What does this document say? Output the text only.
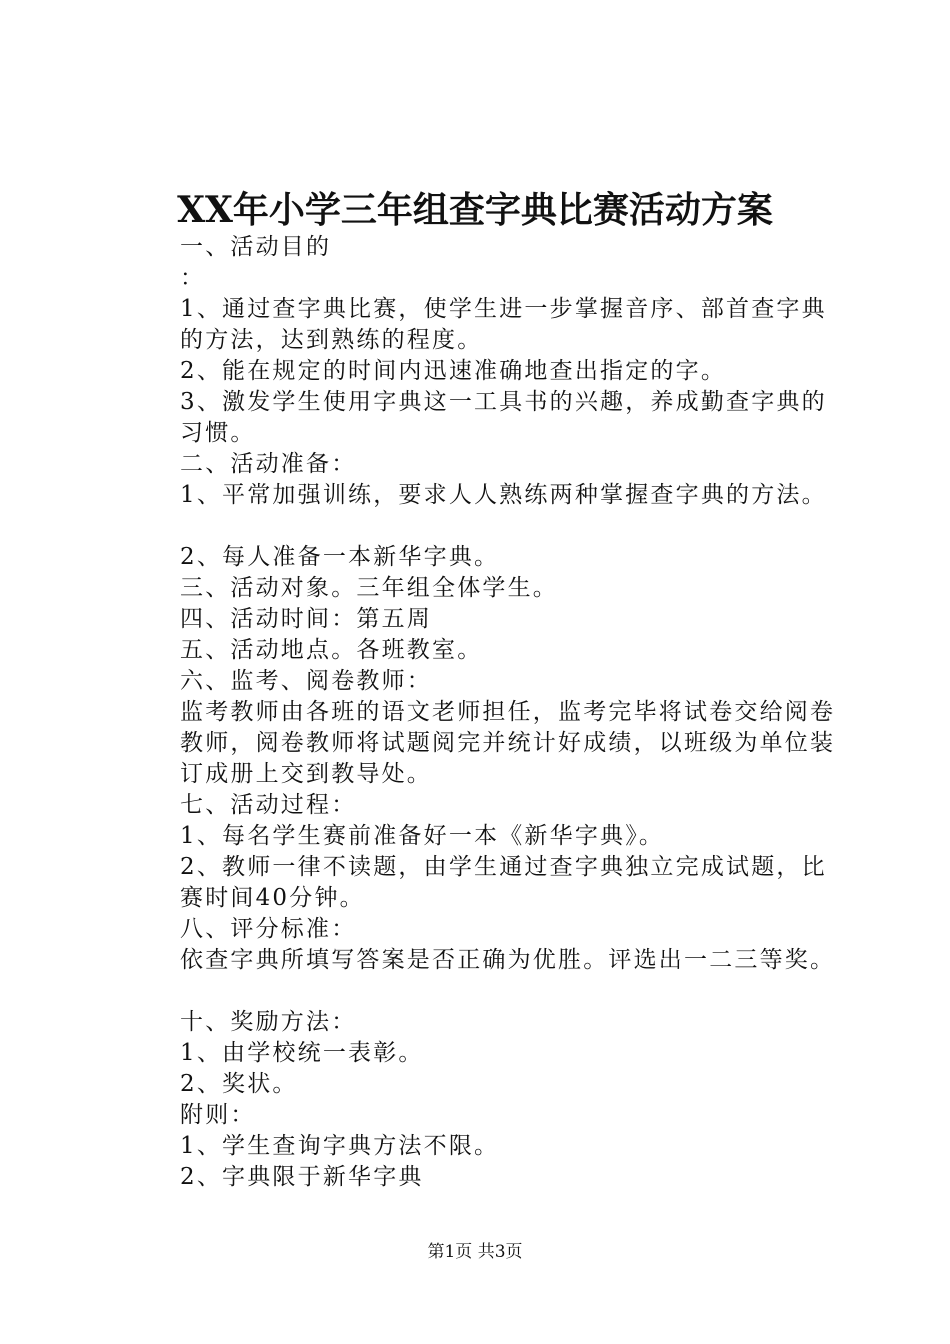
XX年小学三年组查字典比赛活动方案

一、活动目的

：

1、通过查字典比赛，使学生进一步掌握音序、部首查字典的方法，达到熟练的程度。

2、能在规定的时间内迅速准确地查出指定的字。

3、激发学生使用字典这一工具书的兴趣，养成勤查字典的习惯。

二、活动准备：

1、平常加强训练，要求人人熟练两种掌握查字典的方法。

2、每人准备一本新华字典。

三、活动对象。三年组全体学生。

四、活动时间：第五周

五、活动地点。各班教室。

六、监考、阅卷教师：

监考教师由各班的语文老师担任，监考完毕将试卷交给阅卷教师，阅卷教师将试题阅完并统计好成绩，以班级为单位装订成册上交到教导处。

七、活动过程：

1、每名学生赛前准备好一本《新华字典》。

2、教师一律不读题，由学生通过查字典独立完成试题，比赛时间40分钟。

八、评分标准：

依查字典所填写答案是否正确为优胜。评选出一二三等奖。

十、奖励方法：

1、由学校统一表彰。

2、奖状。

附则：

1、学生查询字典方法不限。

2、字典限于新华字典

第1页 共3页
